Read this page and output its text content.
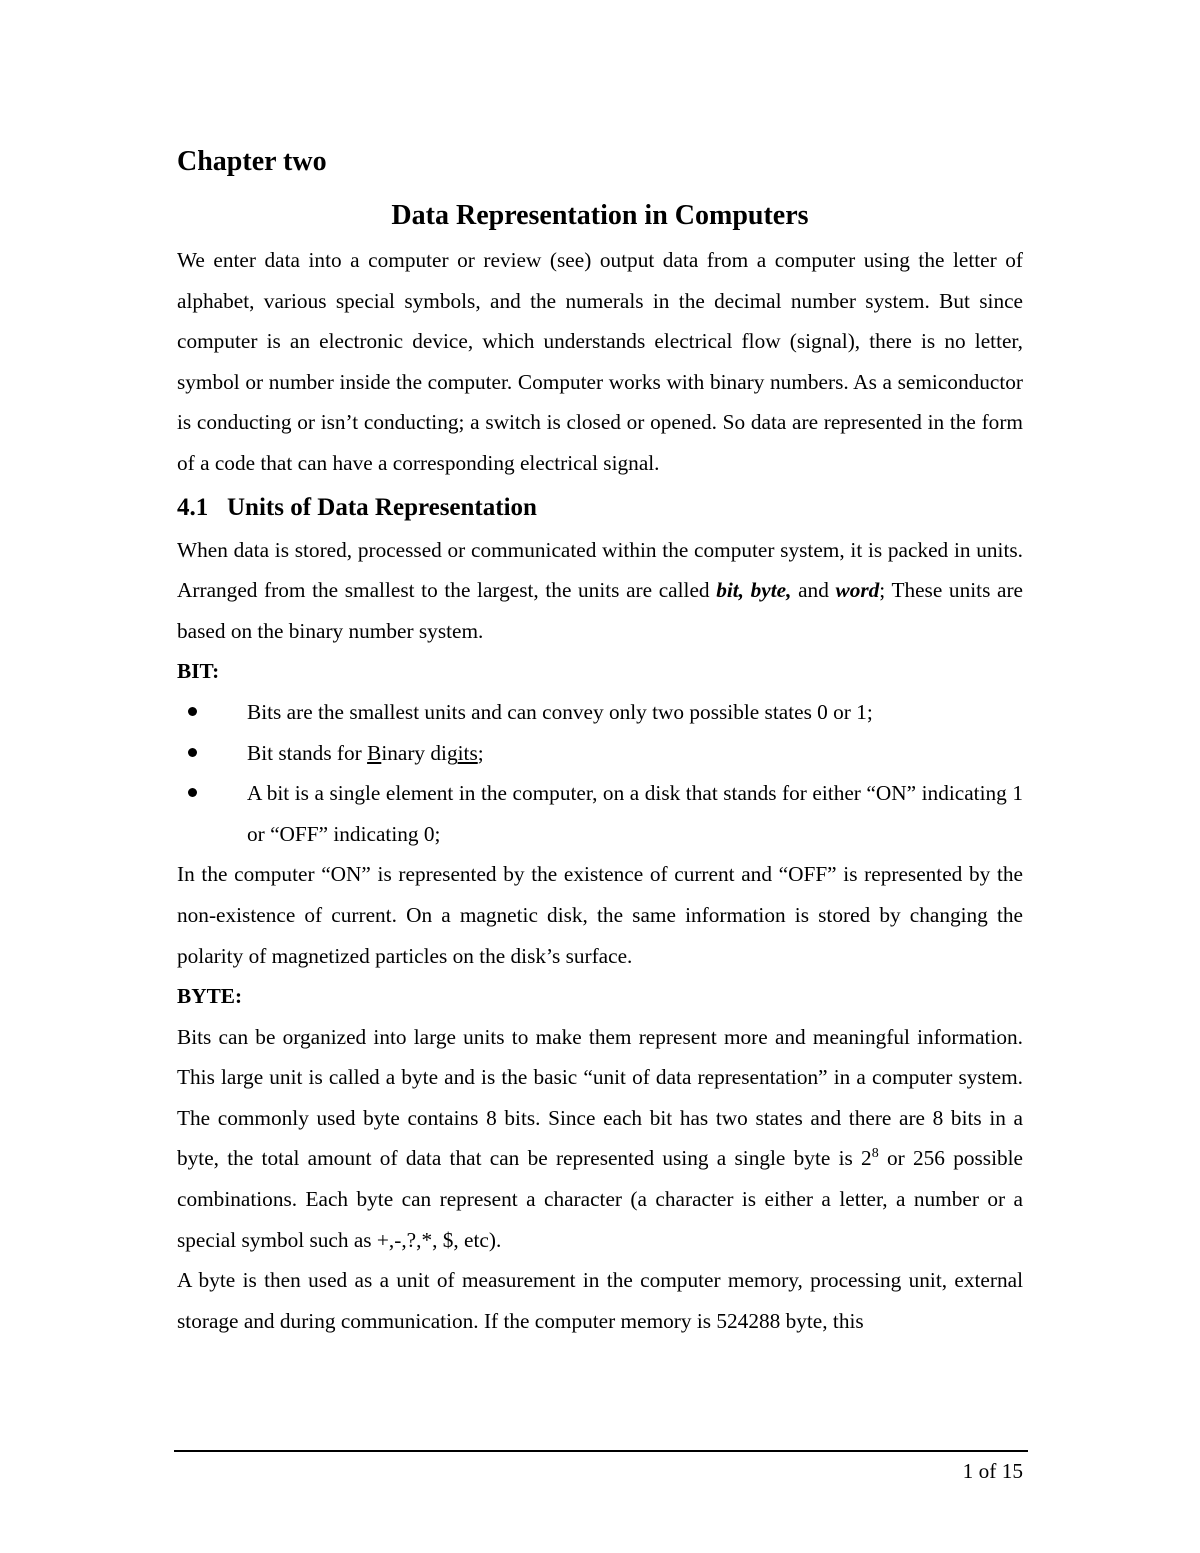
Chapter two
Data Representation in Computers

We enter data into a computer or review (see) output data from a computer using the letter of alphabet, various special symbols, and the numerals in the decimal number system. But since computer is an electronic device, which understands electrical flow (signal), there is no letter, symbol or number inside the computer. Computer works with binary numbers. As a semiconductor is conducting or isn’t conducting; a switch is closed or opened. So data are represented in the form of a code that can have a corresponding electrical signal.

4.1 Units of Data Representation

When data is stored, processed or communicated within the computer system, it is packed in units. Arranged from the smallest to the largest, the units are called bit, byte, and word; These units are based on the binary number system.

BIT:
Bits are the smallest units and can convey only two possible states 0 or 1;
Bit stands for Binary digits;
A bit is a single element in the computer, on a disk that stands for either “ON” indicating 1 or “OFF” indicating 0;

In the computer “ON” is represented by the existence of current and “OFF” is represented by the non-existence of current. On a magnetic disk, the same information is stored by changing the polarity of magnetized particles on the disk’s surface.

BYTE:

Bits can be organized into large units to make them represent more and meaningful information. This large unit is called a byte and is the basic “unit of data representation” in a computer system. The commonly used byte contains 8 bits. Since each bit has two states and there are 8 bits in a byte, the total amount of data that can be represented using a single byte is $2^8$ or 256 possible combinations. Each byte can represent a character (a character is either a letter, a number or a special symbol such as +,-,?,*, $, etc).

A byte is then used as a unit of measurement in the computer memory, processing unit, external storage and during communication. If the computer memory is 524288 byte, this

1 of 15
